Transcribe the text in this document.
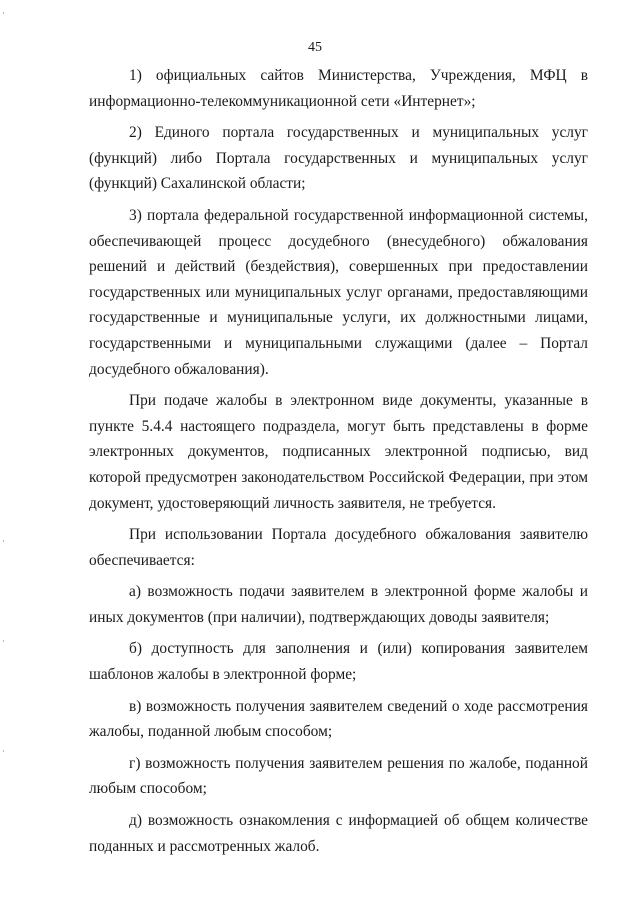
45

1) официальных сайтов Министерства, Учреждения, МФЦ в информационно-телекоммуникационной сети «Интернет»;

2) Единого портала государственных и муниципальных услуг (функций) либо Портала государственных и муниципальных услуг (функций) Сахалинской области;

3) портала федеральной государственной информационной системы, обеспечивающей процесс досудебного (внесудебного) обжалования решений и действий (бездействия), совершенных при предоставлении государственных или муниципальных услуг органами, предоставляющими государственные и муниципальные услуги, их должностными лицами, государственными и муниципальными служащими (далее – Портал досудебного обжалования).

При подаче жалобы в электронном виде документы, указанные в пункте 5.4.4 настоящего подраздела, могут быть представлены в форме электронных документов, подписанных электронной подписью, вид которой предусмотрен законодательством Российской Федерации, при этом документ, удостоверяющий личность заявителя, не требуется.

При использовании Портала досудебного обжалования заявителю обеспечивается:

а) возможность подачи заявителем в электронной форме жалобы и иных документов (при наличии), подтверждающих доводы заявителя;

б) доступность для заполнения и (или) копирования заявителем шаблонов жалобы в электронной форме;

в) возможность получения заявителем сведений о ходе рассмотрения жалобы, поданной любым способом;

г) возможность получения заявителем решения по жалобе, поданной любым способом;

д) возможность ознакомления с информацией об общем количестве поданных и рассмотренных жалоб.
